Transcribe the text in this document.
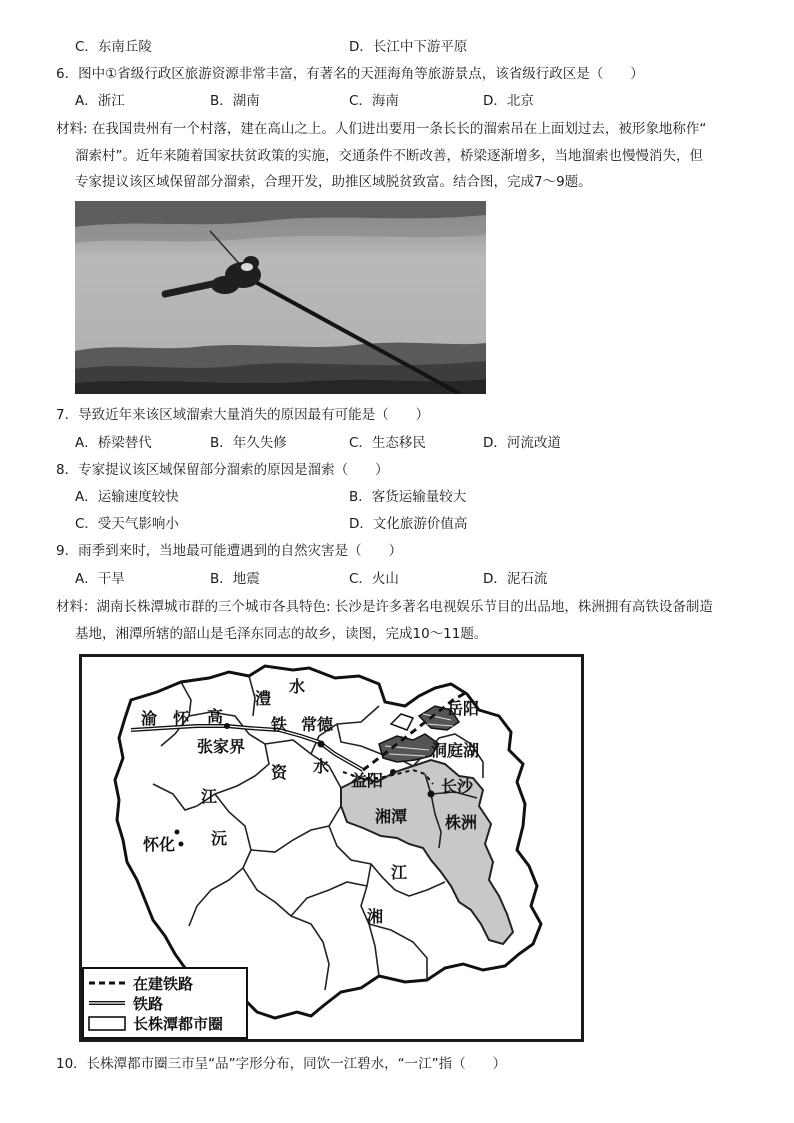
C．东南丘陵	D．长江中下游平原
6．图中①省级行政区旅游资源非常丰富，有著名的天涯海角等旅游景点，该省级行政区是（　　）
A．浙江	B．湖南	C．海南	D．北京
材料: 在我国贵州有一个村落，建在高山之上。人们进出要用一条长长的溜索吊在上面划过去，被形象地称作“
溜索村”。近年来随着国家扶贫政策的实施，交通条件不断改善，桥梁逐渐增多，当地溜索也慢慢消失，但
专家提议该区域保留部分溜索，合理开发，助推区域脱贫致富。结合图，完成7～9题。
7．导致近年来该区域溜索大量消失的原因最有可能是（　　）
A．桥梁替代	B．年久失修	C．生态移民	D．河流改道
8．专家提议该区域保留部分溜索的原因是溜索（　　）
A．运输速度较快	B．客货运输量较大
C．受天气影响小	D．文化旅游价值高
9．雨季到来时，当地最可能遭遇到的自然灾害是（　　）
A．干旱	B．地震	C．火山	D．泥石流
材料：湖南长株潭城市群的三个城市各具特色: 长沙是许多著名电视娱乐节目的出品地，株洲拥有高铁设备制造
基地，湘潭所辖的韶山是毛泽东同志的故乡，读图，完成10～11题。
渝 怀 高
澧
水
铁 常德
张家界
岳阳
洞庭湖
资 水
益阳	长沙
湘潭 株洲
江
沅
怀化
江
湘
在建铁路
铁路
长株潭都市圈
10．长株潭都市圈三市呈“品”字形分布，同饮一江碧水，“一江”指（　　）
